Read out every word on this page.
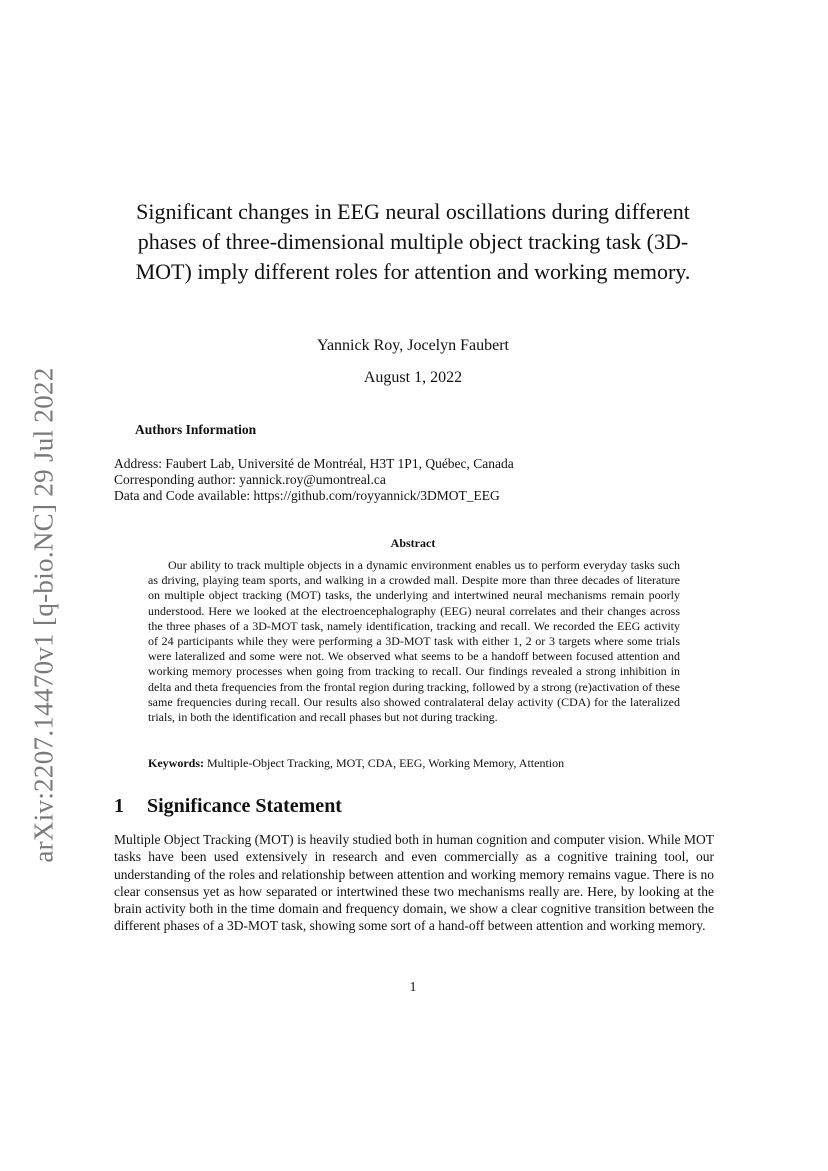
arXiv:2207.14470v1 [q-bio.NC] 29 Jul 2022
Significant changes in EEG neural oscillations during different phases of three-dimensional multiple object tracking task (3D-MOT) imply different roles for attention and working memory.
Yannick Roy, Jocelyn Faubert
August 1, 2022
Authors Information
Address: Faubert Lab, Université de Montréal, H3T 1P1, Québec, Canada
Corresponding author: yannick.roy@umontreal.ca
Data and Code available: https://github.com/royyannick/3DMOT_EEG
Abstract

Our ability to track multiple objects in a dynamic environment enables us to perform everyday tasks such as driving, playing team sports, and walking in a crowded mall. Despite more than three decades of literature on multiple object tracking (MOT) tasks, the underlying and intertwined neural mechanisms remain poorly understood. Here we looked at the electroencephalography (EEG) neural correlates and their changes across the three phases of a 3D-MOT task, namely identification, tracking and recall. We recorded the EEG activity of 24 participants while they were performing a 3D-MOT task with either 1, 2 or 3 targets where some trials were lateralized and some were not. We observed what seems to be a handoff between focused attention and working memory processes when going from tracking to recall. Our findings revealed a strong inhibition in delta and theta frequencies from the frontal region during tracking, followed by a strong (re)activation of these same frequencies during recall. Our results also showed contralateral delay activity (CDA) for the lateralized trials, in both the identification and recall phases but not during tracking.

Keywords: Multiple-Object Tracking, MOT, CDA, EEG, Working Memory, Attention
1 Significance Statement

Multiple Object Tracking (MOT) is heavily studied both in human cognition and computer vision. While MOT tasks have been used extensively in research and even commercially as a cognitive training tool, our understanding of the roles and relationship between attention and working memory remains vague. There is no clear consensus yet as how separated or intertwined these two mechanisms really are. Here, by looking at the brain activity both in the time domain and frequency domain, we show a clear cognitive transition between the different phases of a 3D-MOT task, showing some sort of a hand-off between attention and working memory.

1
